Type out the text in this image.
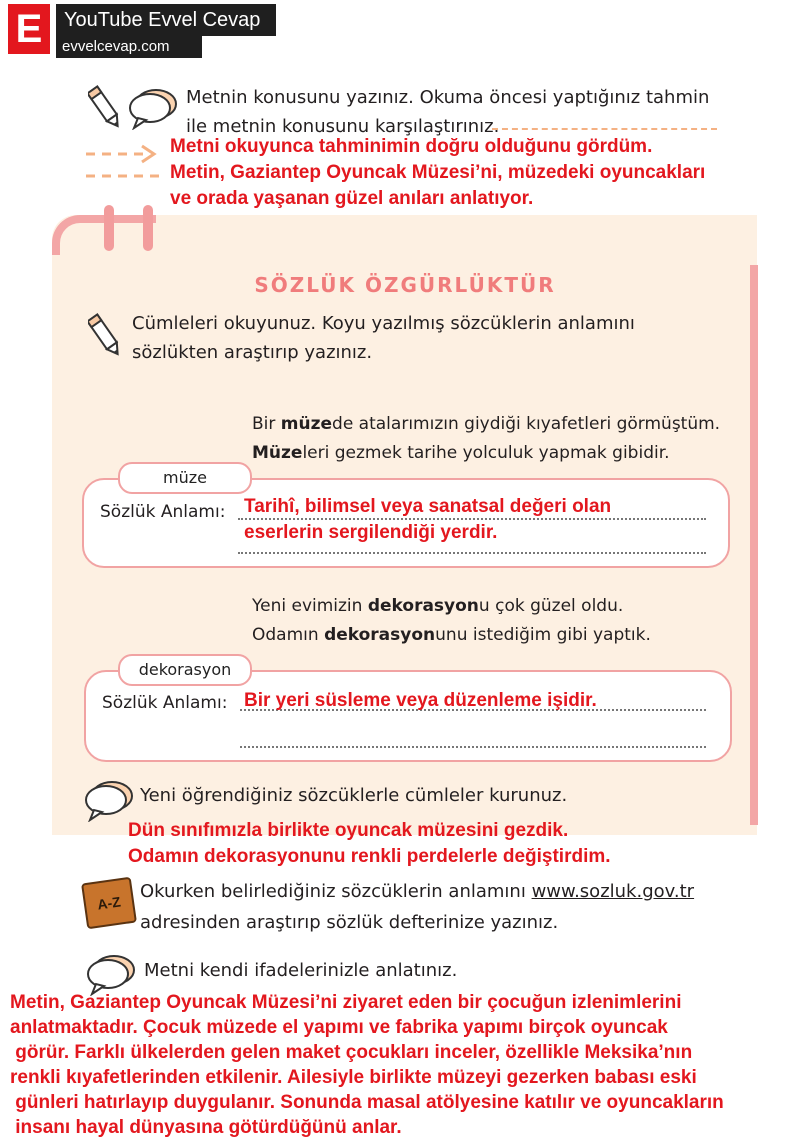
E	YouTube Evvel Cevap
evvelcevap.com
Metnin konusunu yazınız. Okuma öncesi yaptığınız tahmin
ile metnin konusunu karşılaştırınız.
Metni okuyunca tahminimin doğru olduğunu gördüm.
Metin, Gaziantep Oyuncak Müzesi’ni, müzedeki oyuncakları
ve orada yaşanan güzel anıları anlatıyor.
SÖZLÜK ÖZGÜRLÜKTÜR
Cümleleri okuyunuz. Koyu yazılmış sözcüklerin anlamını
sözlükten araştırıp yazınız.
Bir müzede atalarımızın giydiği kıyafetleri görmüştüm.
Müzeleri gezmek tarihe yolculuk yapmak gibidir.
müze
Sözlük Anlamı: Tarihî, bilimsel veya sanatsal değeri olan
eserlerin sergilendiği yerdir.
Yeni evimizin dekorasyonu çok güzel oldu.
Odamın dekorasyonunu istediğim gibi yaptık.
dekorasyon
Sözlük Anlamı: Bir yeri süsleme veya düzenleme işidir.
Yeni öğrendiğiniz sözcüklerle cümleler kurunuz.
Dün sınıfımızla birlikte oyuncak müzesini gezdik.
Odamın dekorasyonunu renkli perdelerle değiştirdim.
A-Z
Okurken belirlediğiniz sözcüklerin anlamını www.sozluk.gov.tr
adresinden araştırıp sözlük defterinize yazınız.
Metni kendi ifadelerinizle anlatınız.
Metin, Gaziantep Oyuncak Müzesi’ni ziyaret eden bir çocuğun izlenimlerini
anlatmaktadır. Çocuk müzede el yapımı ve fabrika yapımı birçok oyuncak
görür. Farklı ülkelerden gelen maket çocukları inceler, özellikle Meksika’nın
renkli kıyafetlerinden etkilenir. Ailesiyle birlikte müzeyi gezerken babası eski
günleri hatırlayıp duygulanır. Sonunda masal atölyesine katılır ve oyuncakların
insanı hayal dünyasına götürdüğünü anlar.
